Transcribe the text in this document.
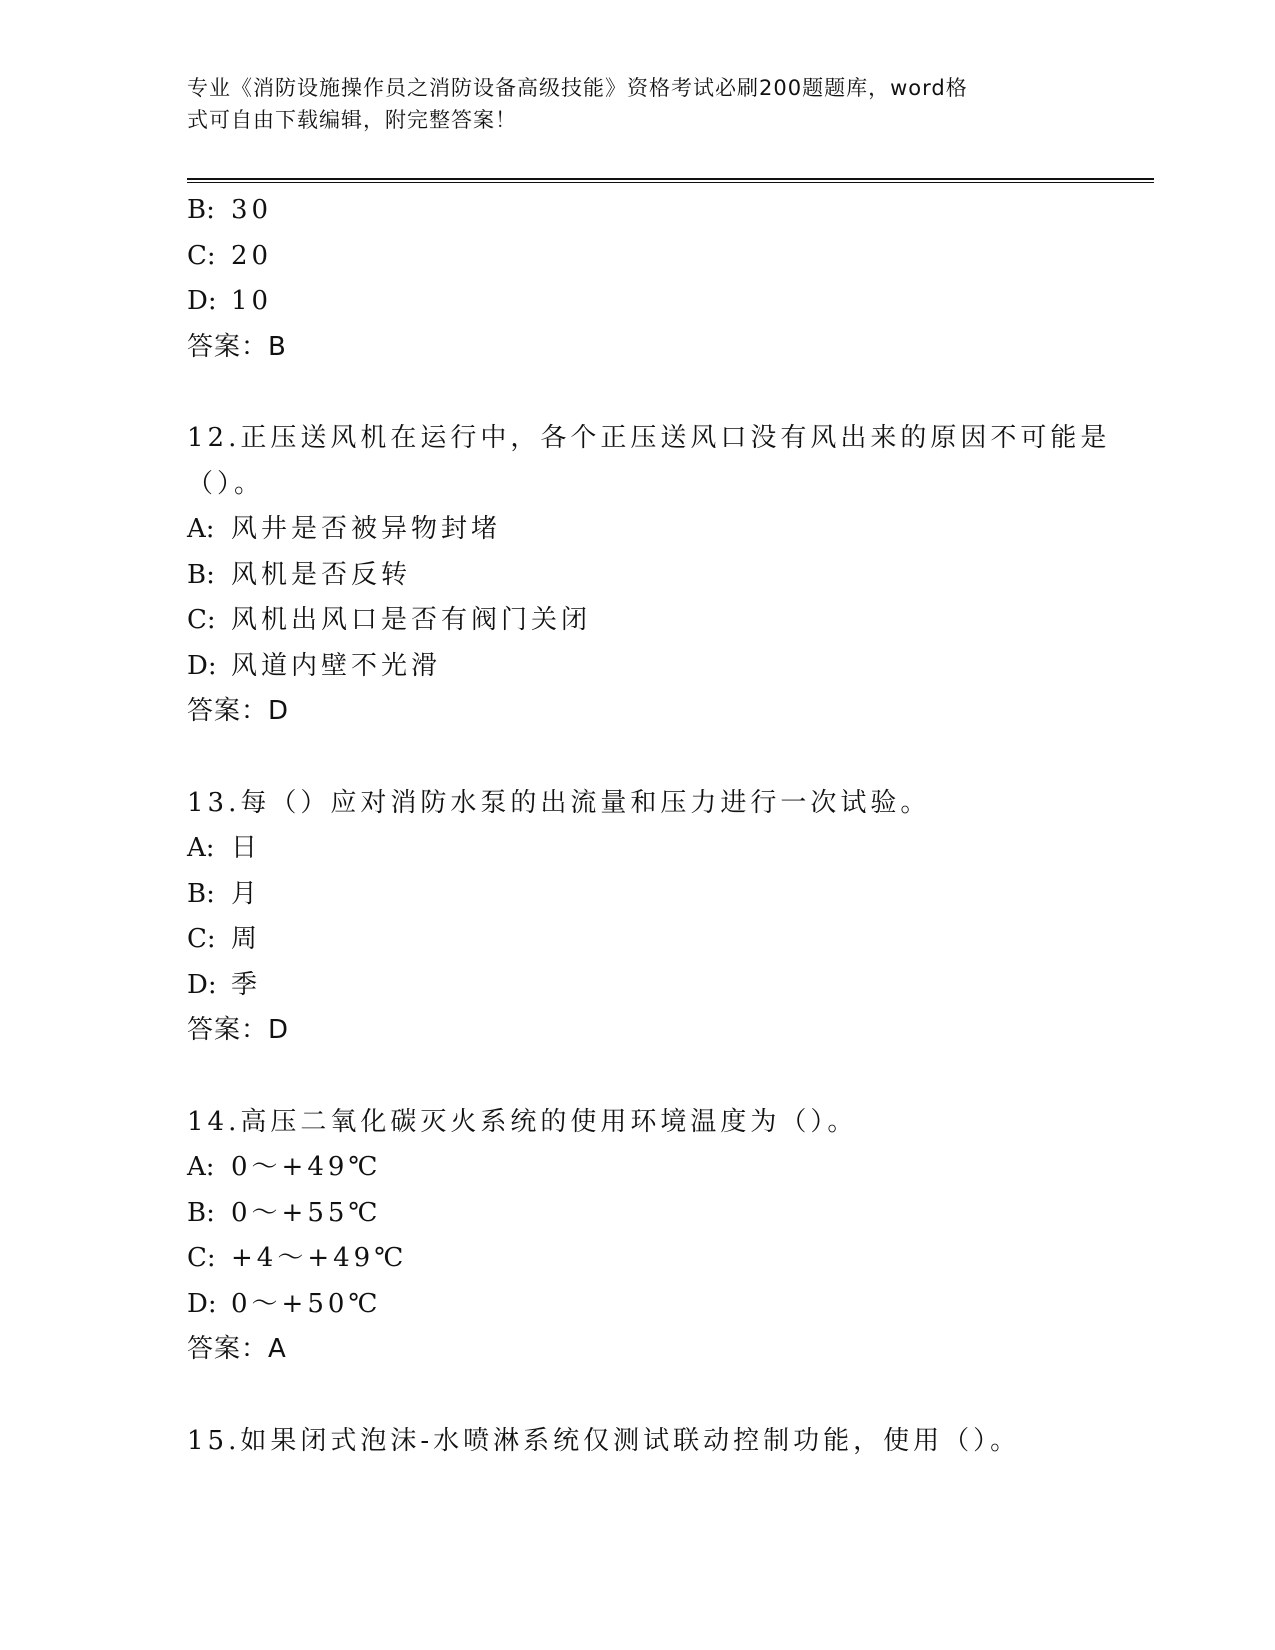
专业《消防设施操作员之消防设备高级技能》资格考试必刷200题题库，word格
式可自由下载编辑，附完整答案！
B: 30
C: 20
D: 10
答案：B
12.正压送风机在运行中，各个正压送风口没有风出来的原因不可能是
（）。
A: 风井是否被异物封堵
B: 风机是否反转
C: 风机出风口是否有阀门关闭
D: 风道内壁不光滑
答案：D
13.每（）应对消防水泵的出流量和压力进行一次试验。
A: 日
B: 月
C: 周
D: 季
答案：D
14.高压二氧化碳灭火系统的使用环境温度为（）。
A: 0～+49℃
B: 0～+55℃
C: +4～+49℃
D: 0～+50℃
答案：A
15.如果闭式泡沫-水喷淋系统仅测试联动控制功能，使用（）。
